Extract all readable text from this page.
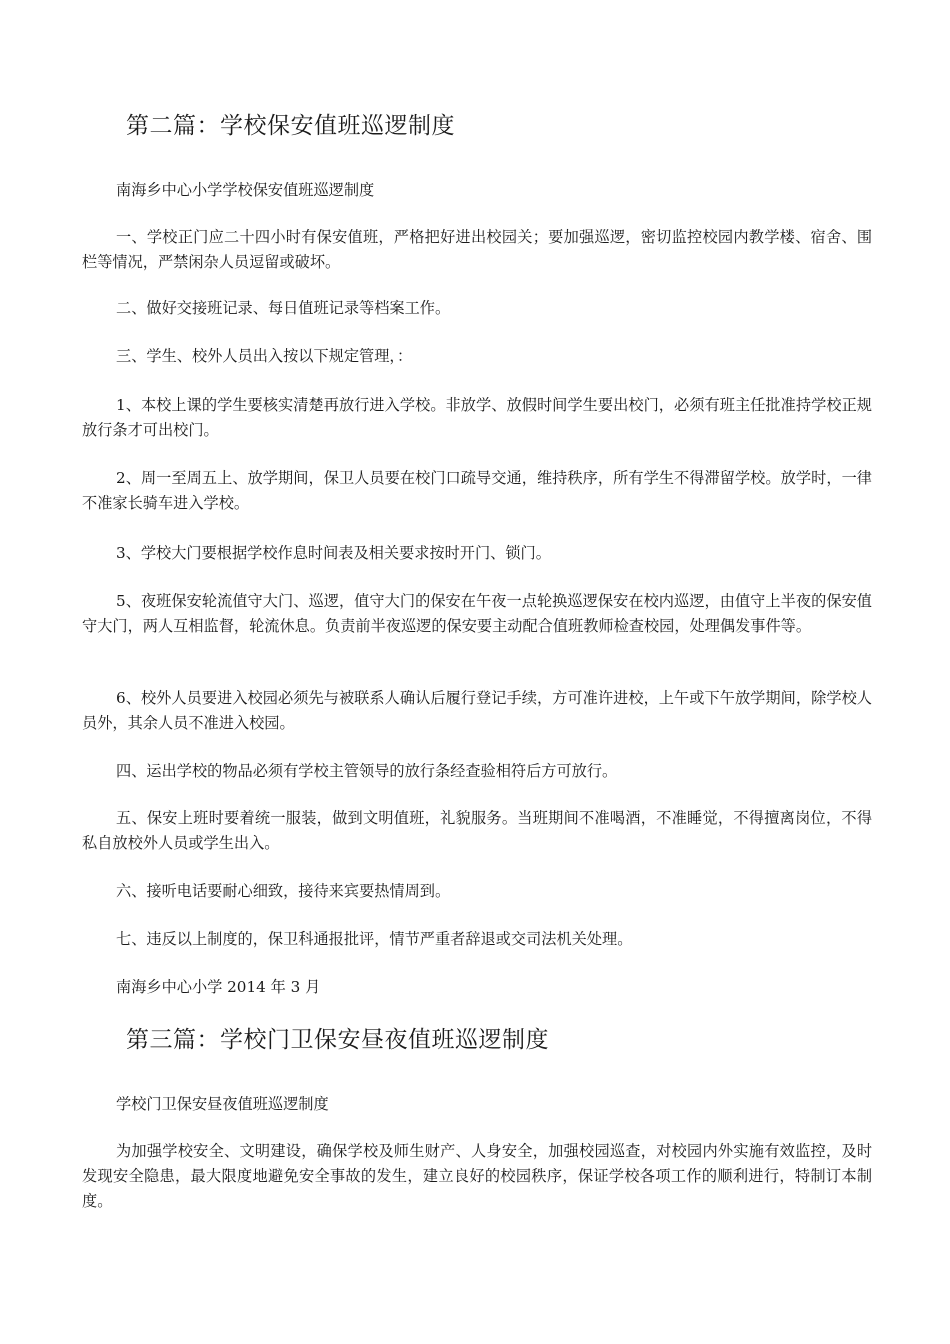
第二篇：学校保安值班巡逻制度
南海乡中心小学学校保安值班巡逻制度
一、学校正门应二十四小时有保安值班，严格把好进出校园关；要加强巡逻，密切监控校园内教学楼、宿舍、围栏等情况，严禁闲杂人员逗留或破坏。
二、做好交接班记录、每日值班记录等档案工作。
三、学生、校外人员出入按以下规定管理，：
1、本校上课的学生要核实清楚再放行进入学校。非放学、放假时间学生要出校门，必须有班主任批准持学校正规放行条才可出校门。
2、周一至周五上、放学期间，保卫人员要在校门口疏导交通，维持秩序，所有学生不得滞留学校。放学时，一律不准家长骑车进入学校。
3、学校大门要根据学校作息时间表及相关要求按时开门、锁门。
5、夜班保安轮流值守大门、巡逻，值守大门的保安在午夜一点轮换巡逻保安在校内巡逻，由值守上半夜的保安值守大门，两人互相监督，轮流休息。负责前半夜巡逻的保安要主动配合值班教师检查校园，处理偶发事件等。
6、校外人员要进入校园必须先与被联系人确认后履行登记手续，方可准许进校，上午或下午放学期间，除学校人员外，其余人员不准进入校园。
四、运出学校的物品必须有学校主管领导的放行条经查验相符后方可放行。
五、保安上班时要着统一服装，做到文明值班，礼貌服务。当班期间不准喝酒，不准睡觉，不得擅离岗位，不得私自放校外人员或学生出入。
六、接听电话要耐心细致，接待来宾要热情周到。
七、违反以上制度的，保卫科通报批评，情节严重者辞退或交司法机关处理。
南海乡中心小学 2014 年 3 月
第三篇：学校门卫保安昼夜值班巡逻制度
学校门卫保安昼夜值班巡逻制度
为加强学校安全、文明建设，确保学校及师生财产、人身安全，加强校园巡查，对校园内外实施有效监控，及时发现安全隐患，最大限度地避免安全事故的发生，建立良好的校园秩序，保证学校各项工作的顺利进行，特制订本制度。
